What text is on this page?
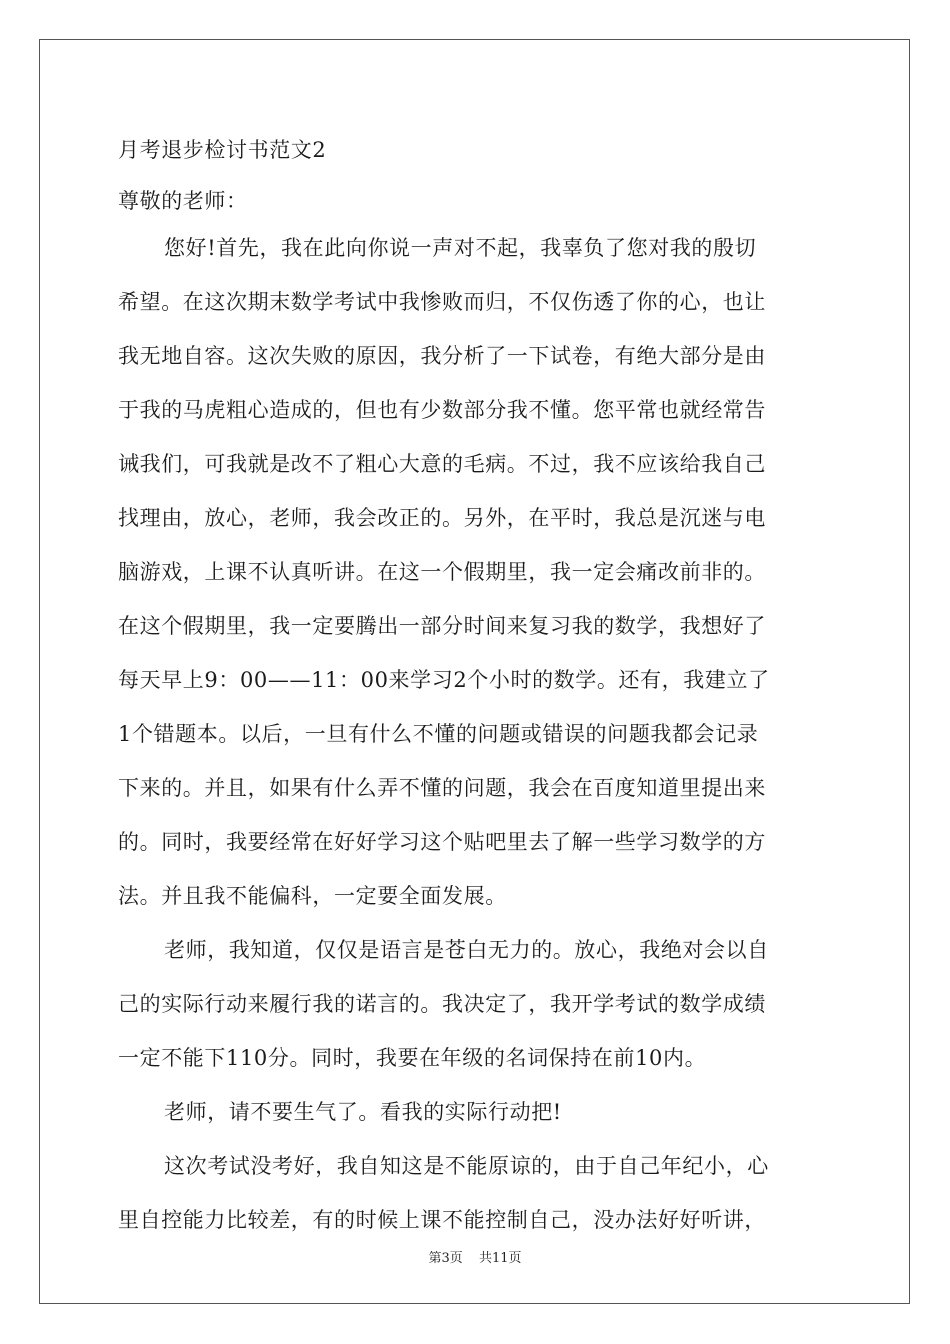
月考退步检讨书范文2
尊敬的老师：
您好!首先，我在此向你说一声对不起，我辜负了您对我的殷切
希望。在这次期末数学考试中我惨败而归，不仅伤透了你的心，也让
我无地自容。这次失败的原因，我分析了一下试卷，有绝大部分是由
于我的马虎粗心造成的，但也有少数部分我不懂。您平常也就经常告
诫我们，可我就是改不了粗心大意的毛病。不过，我不应该给我自己
找理由，放心，老师，我会改正的。另外，在平时，我总是沉迷与电
脑游戏，上课不认真听讲。在这一个假期里，我一定会痛改前非的。
在这个假期里，我一定要腾出一部分时间来复习我的数学，我想好了
每天早上9：00——11：00来学习2个小时的数学。还有，我建立了
1个错题本。以后，一旦有什么不懂的问题或错误的问题我都会记录
下来的。并且，如果有什么弄不懂的问题，我会在百度知道里提出来
的。同时，我要经常在好好学习这个贴吧里去了解一些学习数学的方
法。并且我不能偏科，一定要全面发展。
老师，我知道，仅仅是语言是苍白无力的。放心，我绝对会以自
己的实际行动来履行我的诺言的。我决定了，我开学考试的数学成绩
一定不能下110分。同时，我要在年级的名词保持在前10内。
老师，请不要生气了。看我的实际行动把!
这次考试没考好，我自知这是不能原谅的，由于自己年纪小，心
里自控能力比较差，有的时候上课不能控制自己，没办法好好听讲，
第3页 共11页
